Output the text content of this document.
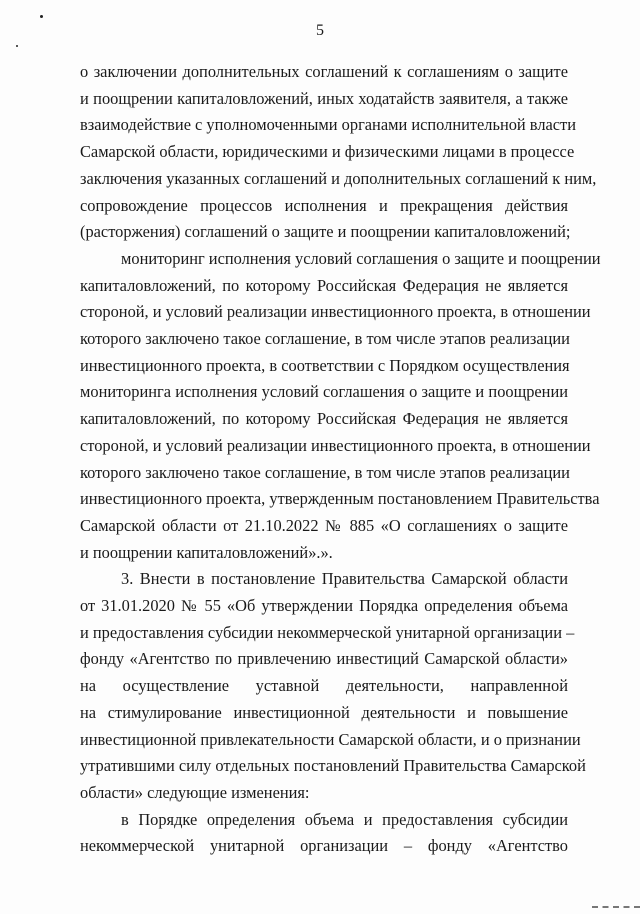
5
о заключении дополнительных соглашений к соглашениям о защите
и поощрении капиталовложений, иных ходатайств заявителя, а также
взаимодействие с уполномоченными органами исполнительной власти
Самарской области, юридическими и физическими лицами в процессе
заключения указанных соглашений и дополнительных соглашений к ним,
сопровождение процессов исполнения и прекращения действия
(расторжения) соглашений о защите и поощрении капиталовложений;
мониторинг исполнения условий соглашения о защите и поощрении
капиталовложений, по которому Российская Федерация не является
стороной, и условий реализации инвестиционного проекта, в отношении
которого заключено такое соглашение, в том числе этапов реализации
инвестиционного проекта, в соответствии с Порядком осуществления
мониторинга исполнения условий соглашения о защите и поощрении
капиталовложений, по которому Российская Федерация не является
стороной, и условий реализации инвестиционного проекта, в отношении
которого заключено такое соглашение, в том числе этапов реализации
инвестиционного проекта, утвержденным постановлением Правительства
Самарской области от 21.10.2022 № 885 «О соглашениях о защите
и поощрении капиталовложений».».
3. Внести в постановление Правительства Самарской области
от 31.01.2020 № 55 «Об утверждении Порядка определения объема
и предоставления субсидии некоммерческой унитарной организации –
фонду «Агентство по привлечению инвестиций Самарской области»
на осуществление уставной деятельности, направленной
на стимулирование инвестиционной деятельности и повышение
инвестиционной привлекательности Самарской области, и о признании
утратившими силу отдельных постановлений Правительства Самарской
области» следующие изменения:
в Порядке определения объема и предоставления субсидии
некоммерческой унитарной организации – фонду «Агентство
